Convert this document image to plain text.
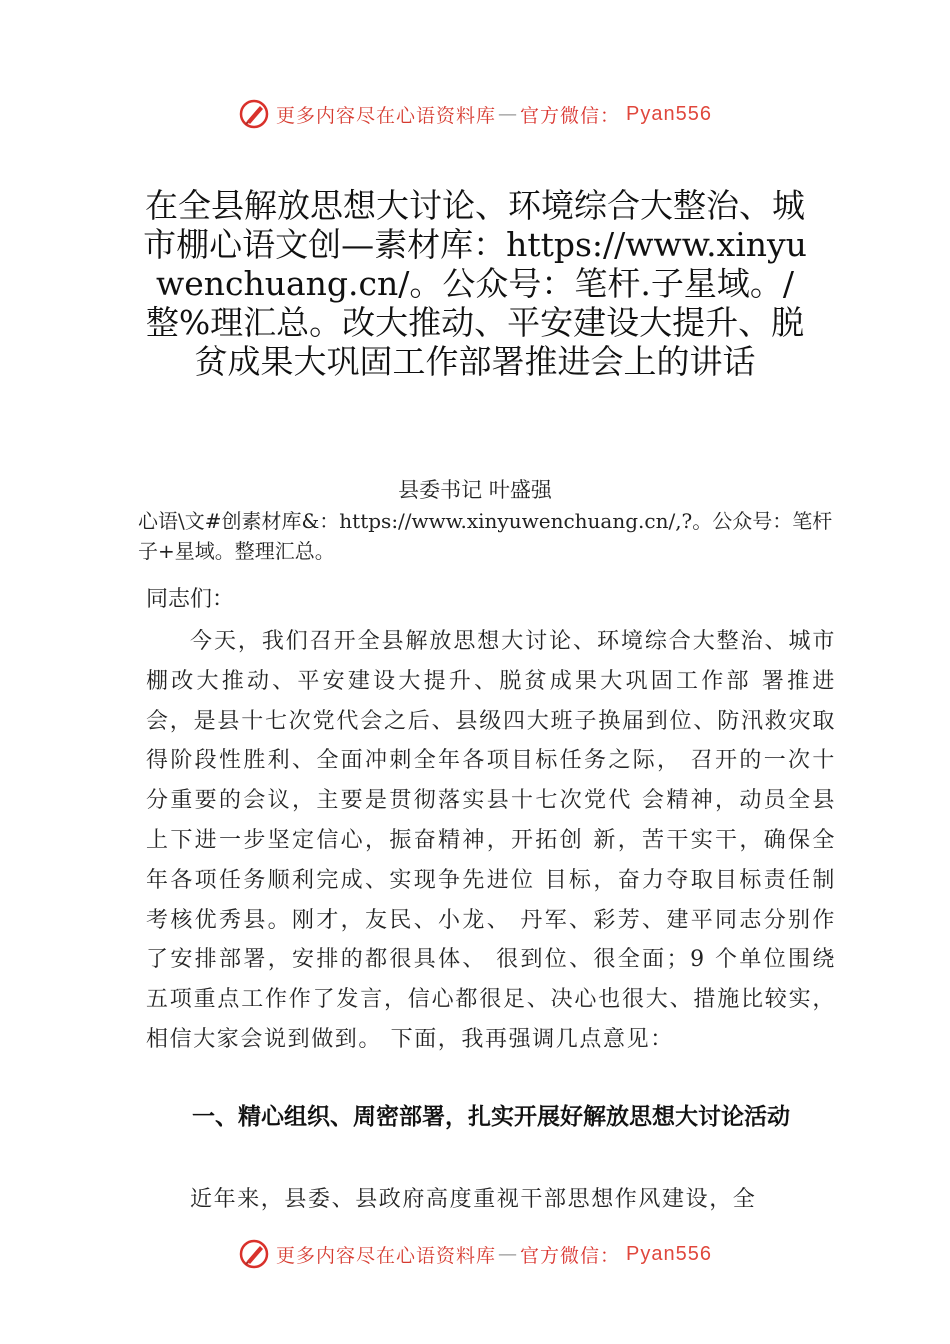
更多内容尽在心语资料库 — 官方微信： Pyan556
在全县解放思想大讨论、环境综合大整治、城市棚心语文创—素材库：https://www.xinyuwenchuang.cn/。公众号：笔杆.子星域。/整%理汇总。改大推动、平安建设大提升、脱贫成果大巩固工作部署推进会上的讲话
县委书记 叶盛强
心语\文#创素材库&：https://www.xinyuwenchuang.cn/,?。公众号：笔杆子+星域。整理汇总。
同志们：
今天，我们召开全县解放思想大讨论、环境综合大整治、城市棚改大推动、平安建设大提升、脱贫成果大巩固工作部 署推进会，是县十七次党代会之后、县级四大班子换届到位、防汛救灾取得阶段性胜利、全面冲刺全年各项目标任务之际， 召开的一次十分重要的会议，主要是贯彻落实县十七次党代 会精神，动员全县上下进一步坚定信心，振奋精神，开拓创 新，苦干实干，确保全年各项任务顺利完成、实现争先进位 目标，奋力夺取目标责任制考核优秀县。刚才，友民、小龙、 丹军、彩芳、建平同志分别作了安排部署，安排的都很具体、 很到位、很全面；9 个单位围绕五项重点工作作了发言，信心都很足、决心也很大、措施比较实，相信大家会说到做到。 下面，我再强调几点意见：
一、精心组织、周密部署，扎实开展好解放思想大讨论活动
近年来，县委、县政府高度重视干部思想作风建设，全
更多内容尽在心语资料库 — 官方微信： Pyan556
